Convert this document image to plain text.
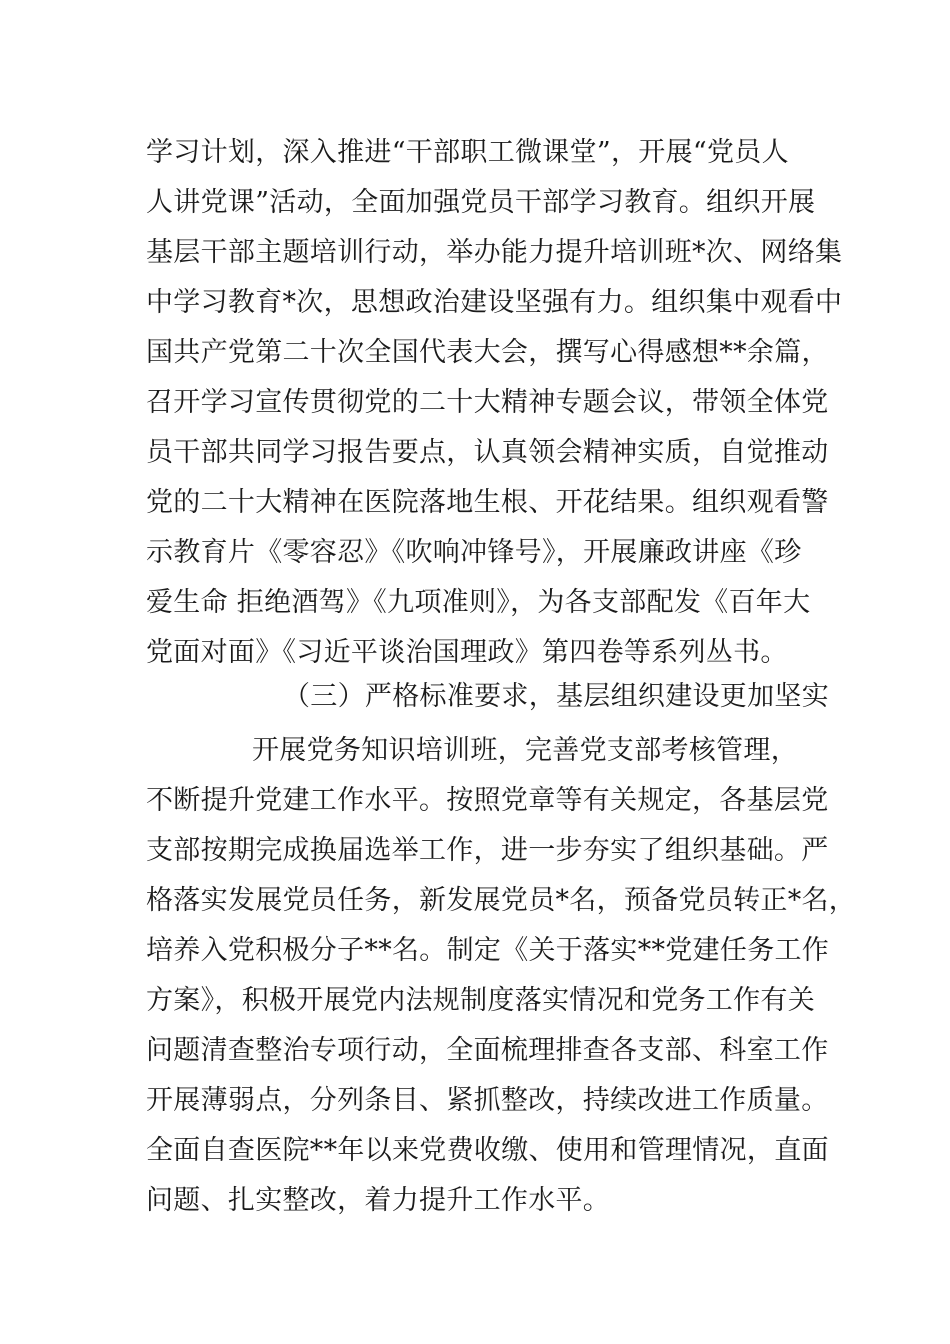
学习计划，深入推进“干部职工微课堂”，开展“党员人
人讲党课”活动，全面加强党员干部学习教育。组织开展
基层干部主题培训行动，举办能力提升培训班*次、网络集
中学习教育*次，思想政治建设坚强有力。组织集中观看中
国共产党第二十次全国代表大会，撰写心得感想**余篇，
召开学习宣传贯彻党的二十大精神专题会议，带领全体党
员干部共同学习报告要点，认真领会精神实质，自觉推动
党的二十大精神在医院落地生根、开花结果。组织观看警
示教育片《零容忍》《吹响冲锋号》，开展廉政讲座《珍
爱生命 拒绝酒驾》《九项准则》，为各支部配发《百年大
党面对面》《习近平谈治国理政》第四卷等系列丛书。
（三）严格标准要求，基层组织建设更加坚实
开展党务知识培训班，完善党支部考核管理，
不断提升党建工作水平。按照党章等有关规定，各基层党
支部按期完成换届选举工作，进一步夯实了组织基础。严
格落实发展党员任务，新发展党员*名，预备党员转正*名，
培养入党积极分子**名。制定《关于落实**党建任务工作
方案》，积极开展党内法规制度落实情况和党务工作有关
问题清查整治专项行动，全面梳理排查各支部、科室工作
开展薄弱点，分列条目、紧抓整改，持续改进工作质量。
全面自查医院**年以来党费收缴、使用和管理情况，直面
问题、扎实整改，着力提升工作水平。
